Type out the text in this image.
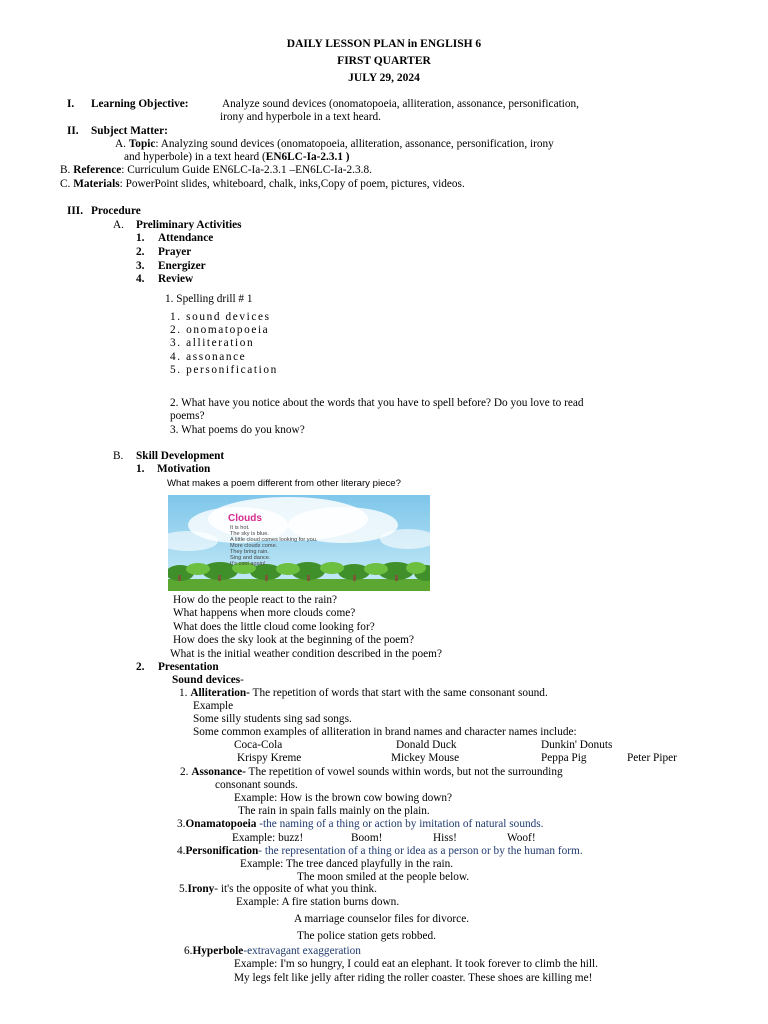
DAILY LESSON PLAN in ENGLISH 6
FIRST QUARTER
JULY 29, 2024
I. Learning Objective:	Analyze sound devices (onomatopoeia, alliteration, assonance, personification,
irony and hyperbole in a text heard.
II. Subject Matter:
A. Topic: Analyzing sound devices (onomatopoeia, alliteration, assonance, personification, irony
and hyperbole) in a text heard (EN6LC-Ia-2.3.1 )
B. Reference: Curriculum Guide EN6LC-Ia-2.3.1 –EN6LC-Ia-2.3.8.
C. Materials: PowerPoint slides, whiteboard, chalk, inks,Copy of poem, pictures, videos.
III. Procedure
A. Preliminary Activities
1. Attendance
2. Prayer
3. Energizer
4. Review
1. Spelling drill # 1
1. sound devices
2. onomatopoeia
3. alliteration
4. assonance
5. personification
2. What have you notice about the words that you have to spell before? Do you love to read
poems?
3. What poems do you know?
B. Skill Development
1. Motivation
What makes a poem different from other literary piece?
Clouds
It is hot.
The sky is blue.
A little cloud comes looking for you.
More clouds come.
They bring rain.
Sing and dance.
It's cool again!
How do the people react to the rain?
What happens when more clouds come?
What does the little cloud come looking for?
How does the sky look at the beginning of the poem?
What is the initial weather condition described in the poem?
2. Presentation
Sound devices-
1. Alliteration- The repetition of words that start with the same consonant sound.
Example
Some silly students sing sad songs.
Some common examples of alliteration in brand names and character names include:
Coca-Cola	Donald Duck	Dunkin' Donuts
Krispy Kreme	Mickey Mouse	Peppa Pig	Peter Piper
2. Assonance- The repetition of vowel sounds within words, but not the surrounding
consonant sounds.
Example: How is the brown cow bowing down?
The rain in spain falls mainly on the plain.
3.Onamatopoeia -the naming of a thing or action by imitation of natural sounds.
Example: buzz!	Boom!	Hiss!	Woof!
4.Personification- the representation of a thing or idea as a person or by the human form.
Example: The tree danced playfully in the rain.
The moon smiled at the people below.
5.Irony- it's the opposite of what you think.
Example: A fire station burns down.
A marriage counselor files for divorce.
The police station gets robbed.
6.Hyperbole-extravagant exaggeration
Example: I'm so hungry, I could eat an elephant. It took forever to climb the hill.
My legs felt like jelly after riding the roller coaster. These shoes are killing me!
